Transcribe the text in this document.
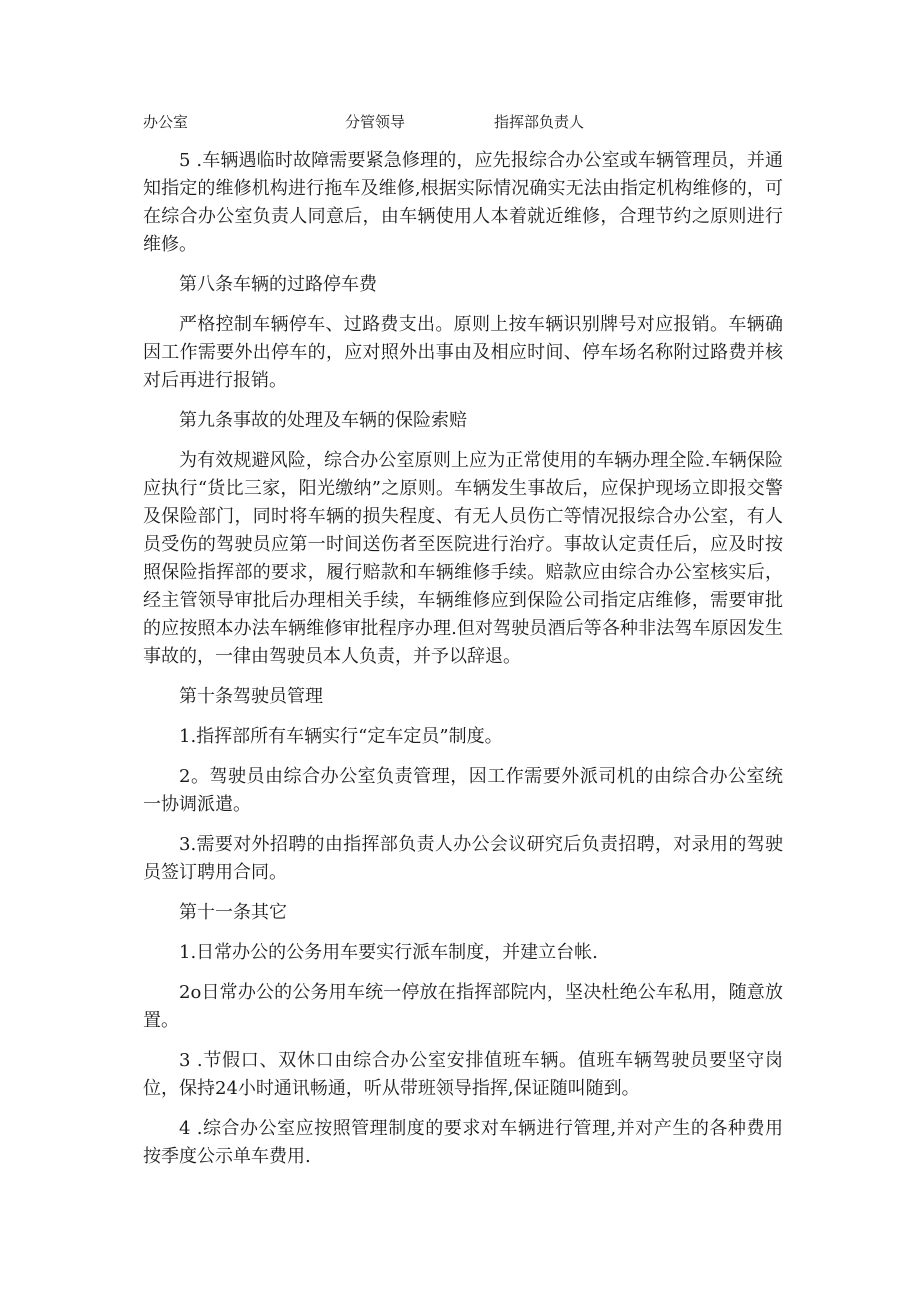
办公室	分管领导	指挥部负责人

5 .车辆遇临时故障需要紧急修理的，应先报综合办公室或车辆管理员，并通知指定的维修机构进行拖车及维修,根据实际情况确实无法由指定机构维修的，可在综合办公室负责人同意后，由车辆使用人本着就近维修，合理节约之原则进行维修。

第八条车辆的过路停车费

严格控制车辆停车、过路费支出。原则上按车辆识别牌号对应报销。车辆确因工作需要外出停车的，应对照外出事由及相应时间、停车场名称附过路费并核对后再进行报销。

第九条事故的处理及车辆的保险索赔

为有效规避风险，综合办公室原则上应为正常使用的车辆办理全险.车辆保险应执行“货比三家，阳光缴纳”之原则。车辆发生事故后，应保护现场立即报交警及保险部门，同时将车辆的损失程度、有无人员伤亡等情况报综合办公室，有人员受伤的驾驶员应第一时间送伤者至医院进行治疗。事故认定责任后，应及时按照保险指挥部的要求，履行赔款和车辆维修手续。赔款应由综合办公室核实后，经主管领导审批后办理相关手续，车辆维修应到保险公司指定店维修，需要审批的应按照本办法车辆维修审批程序办理.但对驾驶员酒后等各种非法驾车原因发生事故的，一律由驾驶员本人负责，并予以辞退。

第十条驾驶员管理

1.指挥部所有车辆实行“定车定员”制度。

2。驾驶员由综合办公室负责管理，因工作需要外派司机的由综合办公室统一协调派遣。

3.需要对外招聘的由指挥部负责人办公会议研究后负责招聘，对录用的驾驶员签订聘用合同。

第十一条其它

1.日常办公的公务用车要实行派车制度，并建立台帐.

2o日常办公的公务用车统一停放在指挥部院内，坚决杜绝公车私用，随意放置。

3 .节假口、双休口由综合办公室安排值班车辆。值班车辆驾驶员要坚守岗位，保持24小时通讯畅通，听从带班领导指挥,保证随叫随到。

4 .综合办公室应按照管理制度的要求对车辆进行管理,并对产生的各种费用按季度公示单车费用.
